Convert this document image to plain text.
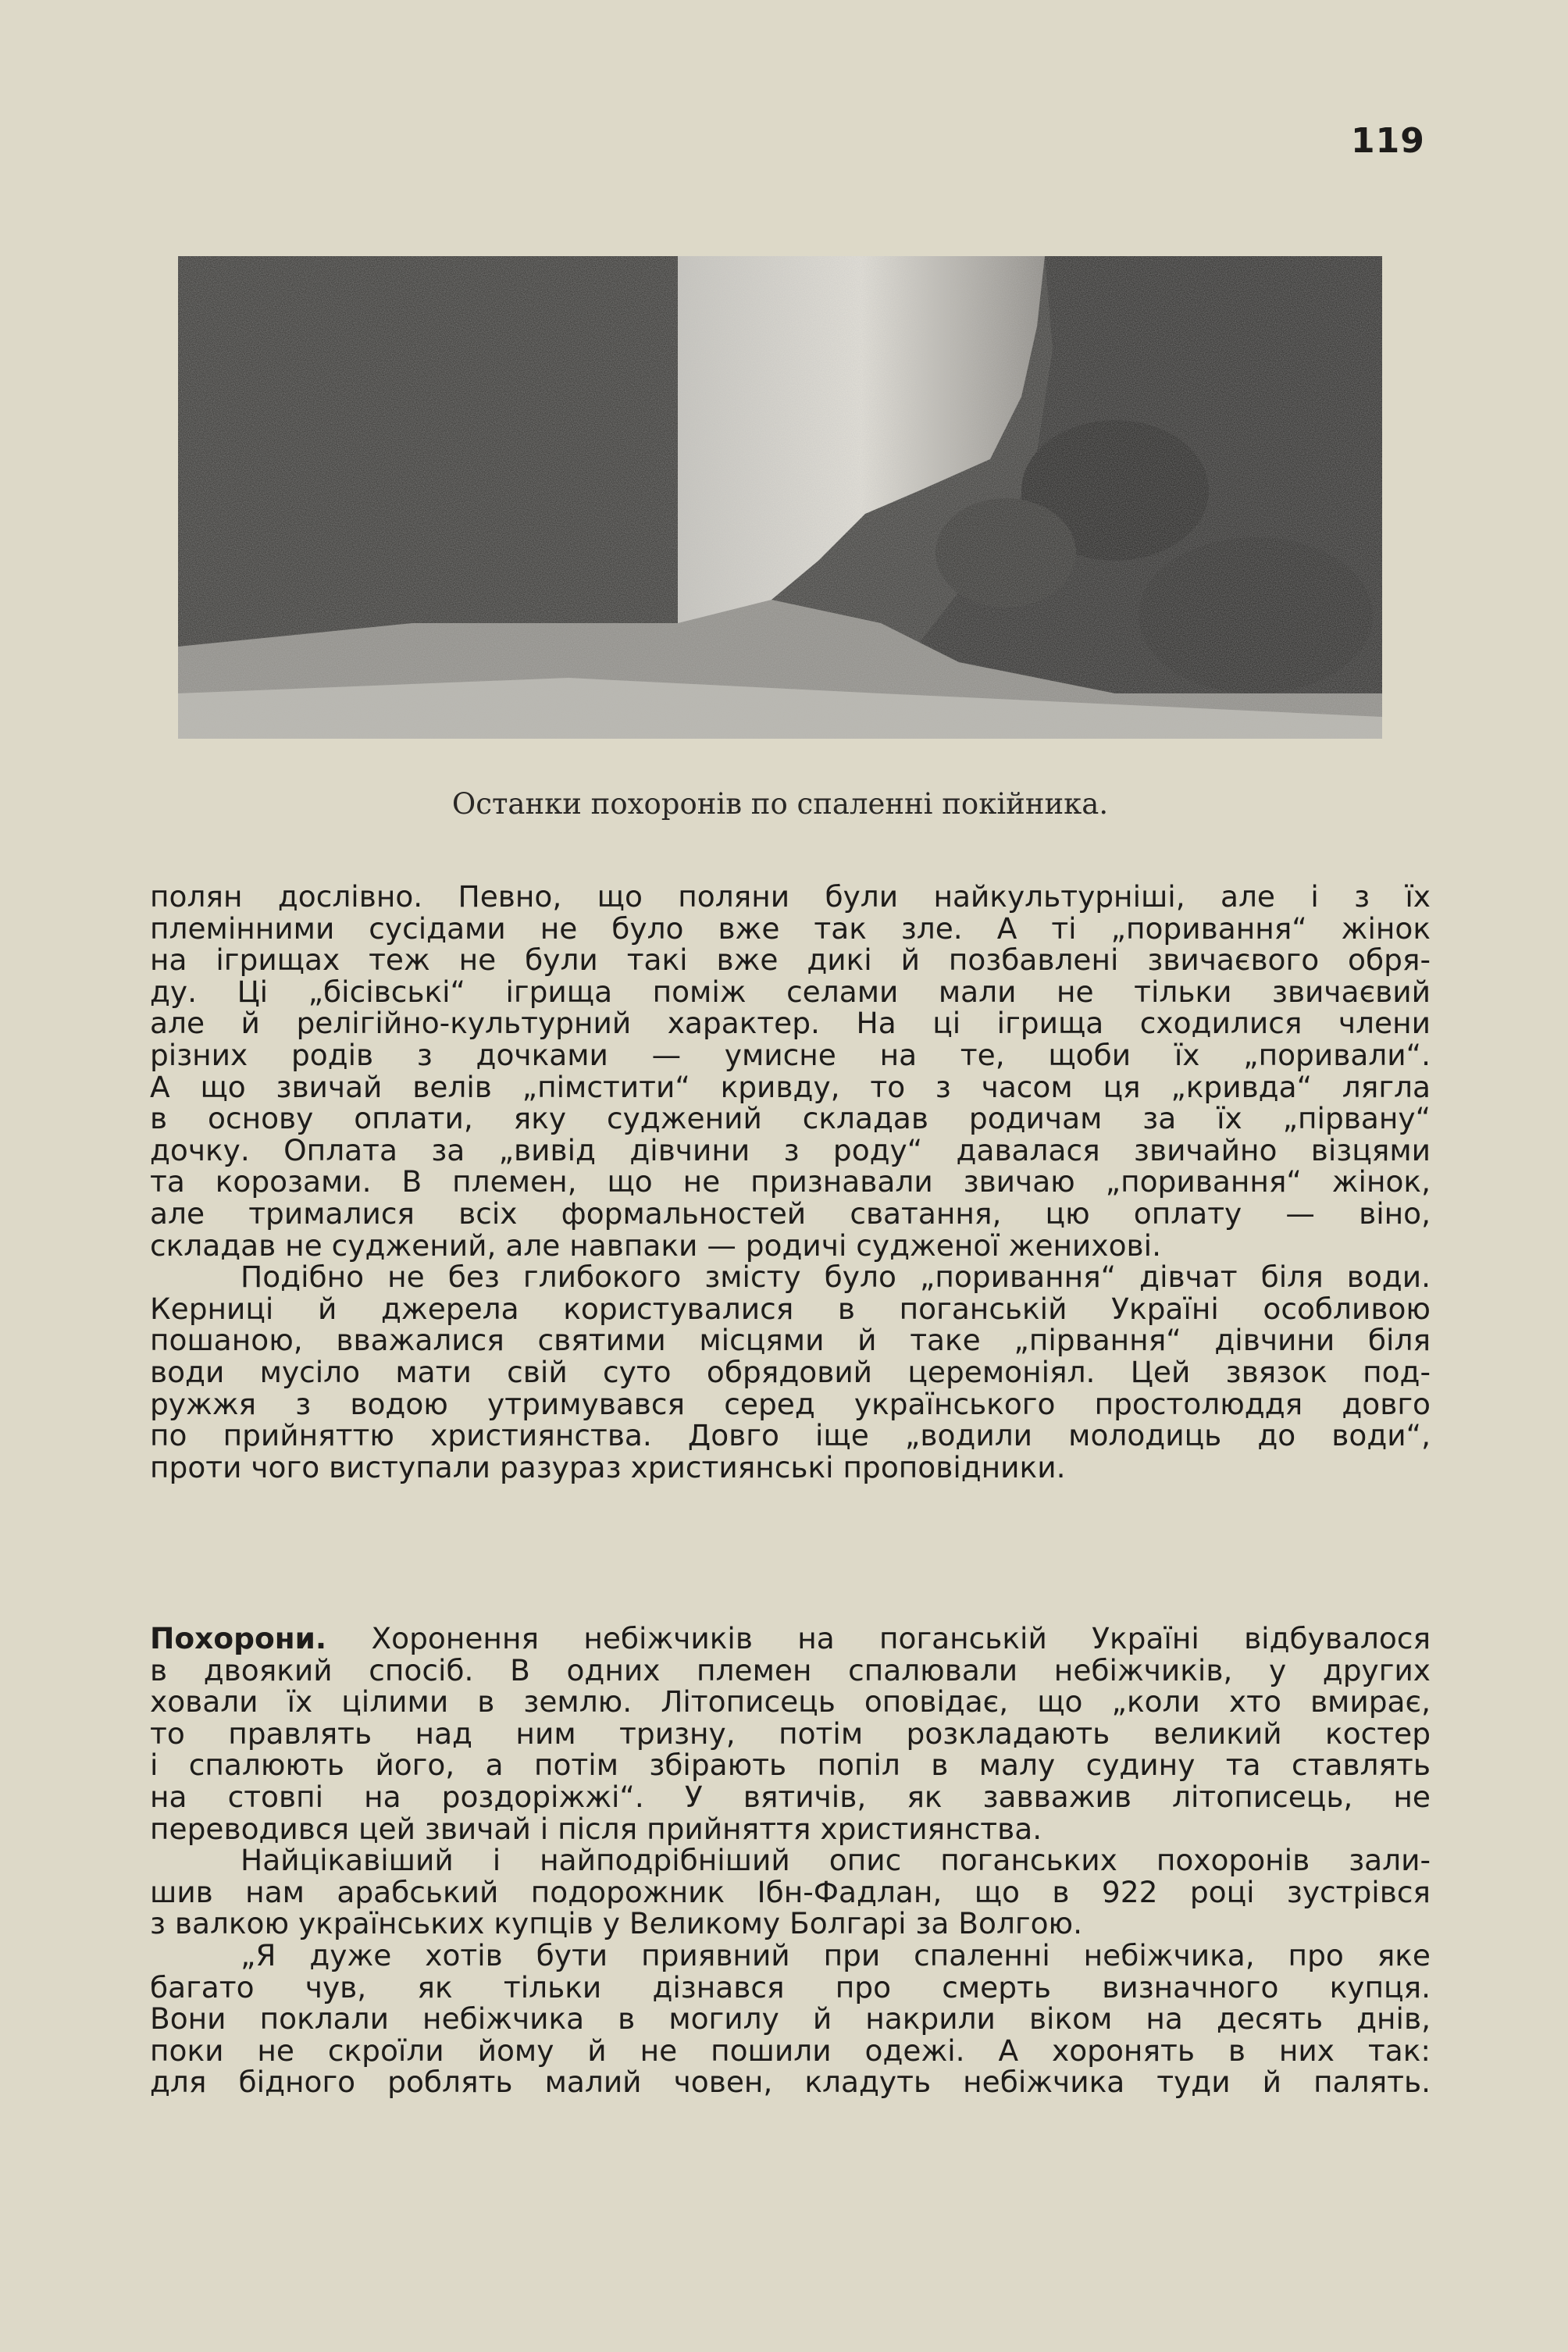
119
Останки похоронів по спаленні покійника.
полян дослівно. Певно, що поляни були найкультурніші, але і з їх
племінними сусідами не було вже так зле. А ті „поривання“ жінок
на ігрищах теж не були такі вже дикі й позбавлені звичаєвого обря-
ду. Ці „бісівські“ ігрища поміж селами мали не тільки звичаєвий
але й релігійно-культурний характер. На ці ігрища сходилися члени
різних родів з дочками — умисне на те, щоби їх „поривали“.
А що звичай велів „пімстити“ кривду, то з часом ця „кривда“ лягла
в основу оплати, яку суджений складав родичам за їх „пірвану“
дочку. Оплата за „вивід дівчини з роду“ давалася звичайно візцями
та корозами. В племен, що не признавали звичаю „поривання“ жінок,
але трималися всіх формальностей сватання, цю оплату — віно,
складав не суджений, але навпаки — родичі судженої женихові.
Подібно не без глибокого змісту було „поривання“ дівчат біля води.
Керниці й джерела користувалися в поганській Україні особливою
пошаною, вважалися святими місцями й таке „пірвання“ дівчини біля
води мусіло мати свій суто обрядовий церемоніял. Цей звязок под-
ружжя з водою утримувався серед українського простолюддя довго
по прийняттю християнства. Довго іще „водили молодиць до води“,
проти чого виступали разураз християнські проповідники.
Похорони. Хоронення небіжчиків на поганській Україні відбувалося
в двоякий спосіб. В одних племен спалювали небіжчиків, у других
ховали їх цілими в землю. Літописець оповідає, що „коли хто вмирає,
то правлять над ним тризну, потім розкладають великий костер
і спалюють його, а потім збірають попіл в малу судину та ставлять
на стовпі на роздоріжжі“. У вятичів, як завважив літописець, не
переводився цей звичай і після прийняття християнства.
Найцікавіший і найподрібніший опис поганських похоронів зали-
шив нам арабський подорожник Ібн-Фадлан, що в 922 році зустрівся
з валкою українських купців у Великому Болгарі за Волгою.
„Я дуже хотів бути приявний при спаленні небіжчика, про яке
багато чув, як тільки дізнався про смерть визначного купця.
Вони поклали небіжчика в могилу й накрили віком на десять днів,
поки не скроїли йому й не пошили одежі. А хоронять в них так:
для бідного роблять малий човен, кладуть небіжчика туди й палять.
